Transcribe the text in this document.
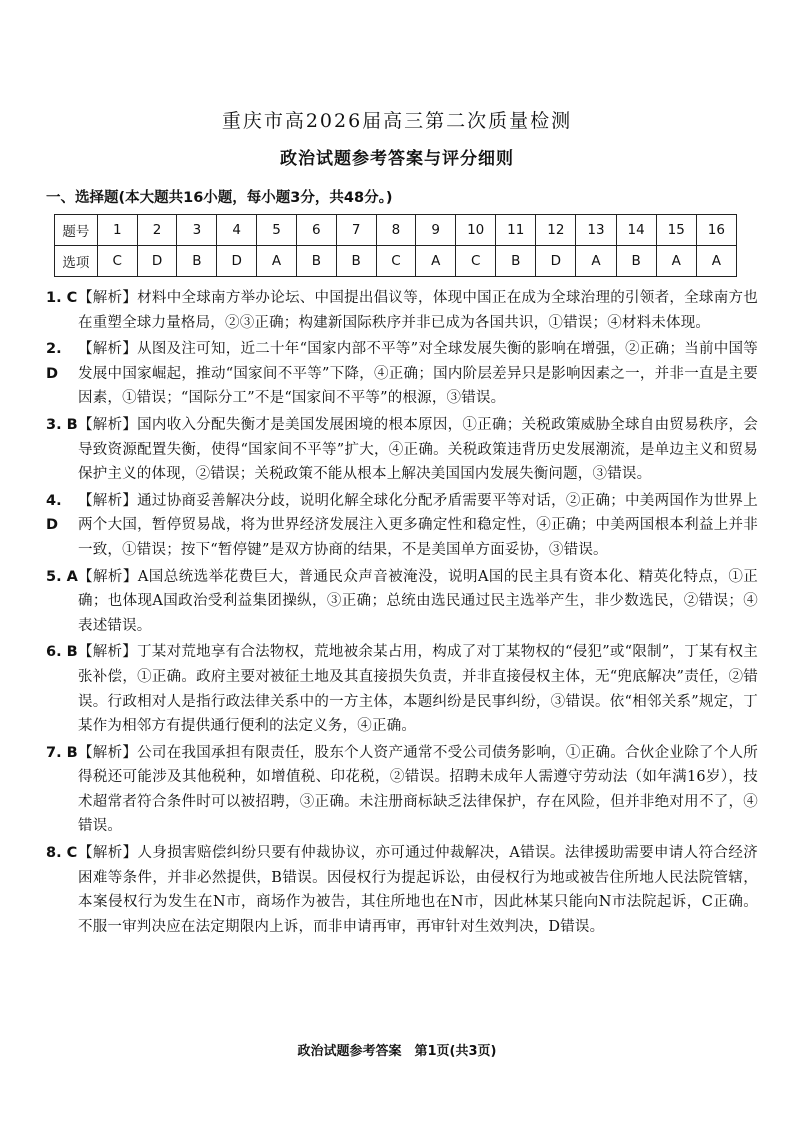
重庆市高2026届高三第二次质量检测
政治试题参考答案与评分细则
一、选择题(本大题共16小题，每小题3分，共48分。)
题号	1	2	3	4	5	6	7	8	9	10	11	12	13	14	15	16
选项	C	D	B	D	A	B	B	C	A	C	B	D	A	B	A	A
1. C 【解析】材料中全球南方举办论坛、中国提出倡议等，体现中国正在成为全球治理的引领者，全球南方也在重塑全球力量格局，②③正确；构建新国际秩序并非已成为各国共识，①错误；④材料未体现。
2. D
【解析】从图及注可知，近二十年“国家内部不平等”对全球发展失衡的影响在增强，②正确；当前中国等发展中国家崛起，推动“国家间不平等”下降，④正确；国内阶层差异只是影响因素之一，并非一直是主要因素，①错误；“国际分工”不是“国家间不平等”的根源，③错误。
3. B 【解析】国内收入分配失衡才是美国发展困境的根本原因，①正确；关税政策威胁全球自由贸易秩序，会导致资源配置失衡，使得“国家间不平等”扩大，④正确。关税政策违背历史发展潮流，是单边主义和贸易保护主义的体现，②错误；关税政策不能从根本上解决美国国内发展失衡问题，③错误。
4. D
【解析】通过协商妥善解决分歧，说明化解全球化分配矛盾需要平等对话，②正确；中美两国作为世界上两个大国，暂停贸易战，将为世界经济发展注入更多确定性和稳定性，④正确；中美两国根本利益上并非一致，①错误；按下“暂停键”是双方协商的结果，不是美国单方面妥协，③错误。
5. A 【解析】A国总统选举花费巨大，普通民众声音被淹没，说明A国的民主具有资本化、精英化特点，①正确；也体现A国政治受利益集团操纵，③正确；总统由选民通过民主选举产生，非少数选民，②错误；④表述错误。
6. B 【解析】丁某对荒地享有合法物权，荒地被余某占用，构成了对丁某物权的“侵犯”或“限制”，丁某有权主张补偿，①正确。政府主要对被征土地及其直接损失负责，并非直接侵权主体，无“兜底解决”责任，②错误。行政相对人是指行政法律关系中的一方主体，本题纠纷是民事纠纷，③错误。依“相邻关系”规定，丁某作为相邻方有提供通行便利的法定义务，④正确。
7. B 【解析】公司在我国承担有限责任，股东个人资产通常不受公司债务影响，①正确。合伙企业除了个人所得税还可能涉及其他税种，如增值税、印花税，②错误。招聘未成年人需遵守劳动法（如年满16岁），技术超常者符合条件时可以被招聘，③正确。未注册商标缺乏法律保护，存在风险，但并非绝对用不了，④错误。
8. C 【解析】人身损害赔偿纠纷只要有仲裁协议，亦可通过仲裁解决，A错误。法律援助需要申请人符合经济困难等条件，并非必然提供，B错误。因侵权行为提起诉讼，由侵权行为地或被告住所地人民法院管辖，本案侵权行为发生在N市，商场作为被告，其住所地也在N市，因此林某只能向N市法院起诉，C正确。不服一审判决应在法定期限内上诉，而非申请再审，再审针对生效判决，D错误。
政治试题参考答案　第1页(共3页)
